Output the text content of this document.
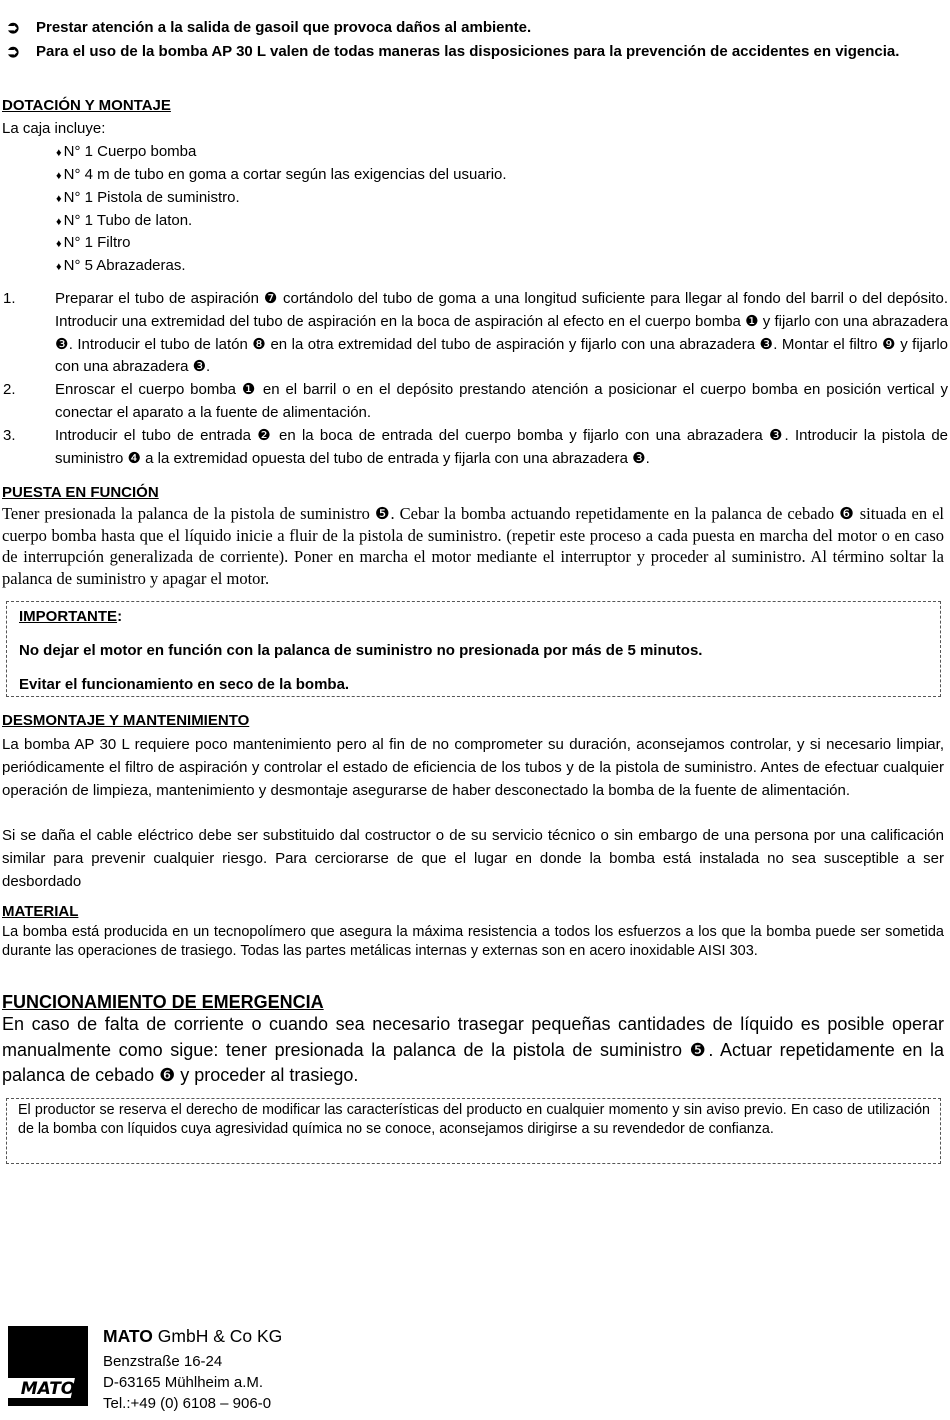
➲ Prestar atención a la salida de gasoil que provoca daños al ambiente.
➲ Para el uso de la bomba AP 30 L valen de todas maneras las disposiciones para la prevención de accidentes en vigencia.
DOTACIÓN Y MONTAJE
La caja incluye:
♦ N° 1 Cuerpo bomba
♦ N° 4 m de tubo en goma a cortar según las exigencias del usuario.
♦ N° 1 Pistola de suministro.
♦ N° 1 Tubo de laton.
♦ N° 1 Filtro
♦ N° 5 Abrazaderas.
1.	Preparar el tubo de aspiración ❼ cortándolo del tubo de goma a una longitud suficiente para llegar al fondo del barril o del depósito. Introducir una extremidad del tubo de aspiración en la boca de aspiración al efecto en el cuerpo bomba ❶ y fijarlo con una abrazadera ❸. Introducir el tubo de latón ❽ en la otra extremidad del tubo de aspiración y fijarlo con una abrazadera ❸. Montar el filtro ❾ y fijarlo con una abrazadera ❸.
2.	Enroscar el cuerpo bomba ❶ en el barril o en el depósito prestando atención a posicionar el cuerpo bomba en posición vertical y conectar el aparato a la fuente de alimentación.
3.	Introducir el tubo de entrada ❷ en la boca de entrada del cuerpo bomba y fijarlo con una abrazadera ❸. Introducir la pistola de suministro ❹ a la extremidad opuesta del tubo de entrada y fijarla con una abrazadera ❸.
PUESTA EN FUNCIÓN
Tener presionada la palanca de la pistola de suministro ❺. Cebar la bomba actuando repetidamente en la palanca de cebado ❻ situada en el cuerpo bomba hasta que el líquido inicie a fluir de la pistola de suministro. (repetir este proceso a cada puesta en marcha del motor o en caso de interrupción generalizada de corriente). Poner en marcha el motor mediante el interruptor y proceder al suministro. Al término soltar la palanca de suministro y apagar el motor.
IMPORTANTE:
No dejar el motor en función con la palanca de suministro no presionada por más de 5 minutos.
Evitar el funcionamiento en seco de la bomba.
DESMONTAJE Y MANTENIMIENTO
La bomba AP 30 L requiere poco mantenimiento pero al fin de no comprometer su duración, aconsejamos controlar, y si necesario limpiar, periódicamente el filtro de aspiración y controlar el estado de eficiencia de los tubos y de la pistola de suministro. Antes de efectuar cualquier operación de limpieza, mantenimiento y desmontaje asegurarse de haber desconectado la bomba de la fuente de alimentación.
Si se daña el cable eléctrico debe ser substituido dal costructor o de su servicio técnico o sin embargo de una persona por una calificación similar para prevenir cualquier riesgo. Para cerciorarse de que el lugar en donde la bomba está instalada no sea susceptible a ser desbordado
MATERIAL
La bomba está producida en un tecnopolímero que asegura la máxima resistencia a todos los esfuerzos a los que la bomba puede ser sometida durante las operaciones de trasiego. Todas las partes metálicas internas y externas son en acero inoxidable AISI 303.
FUNCIONAMIENTO DE EMERGENCIA
En caso de falta de corriente o cuando sea necesario trasegar pequeñas cantidades de líquido es posible operar manualmente como sigue: tener presionada la palanca de la pistola de suministro ❺. Actuar repetidamente en la palanca de cebado ❻ y proceder al trasiego.
El productor se reserva el derecho de modificar las características del producto en cualquier momento y sin aviso previo. En caso de utilización de la bomba con líquidos cuya agresividad química no se conoce, aconsejamos dirigirse a su revendedor de confianza.
MATO
MATO GmbH & Co KG
Benzstraße 16-24
D-63165 Mühlheim a.M.
Tel.:+49 (0) 6108 – 906-0
